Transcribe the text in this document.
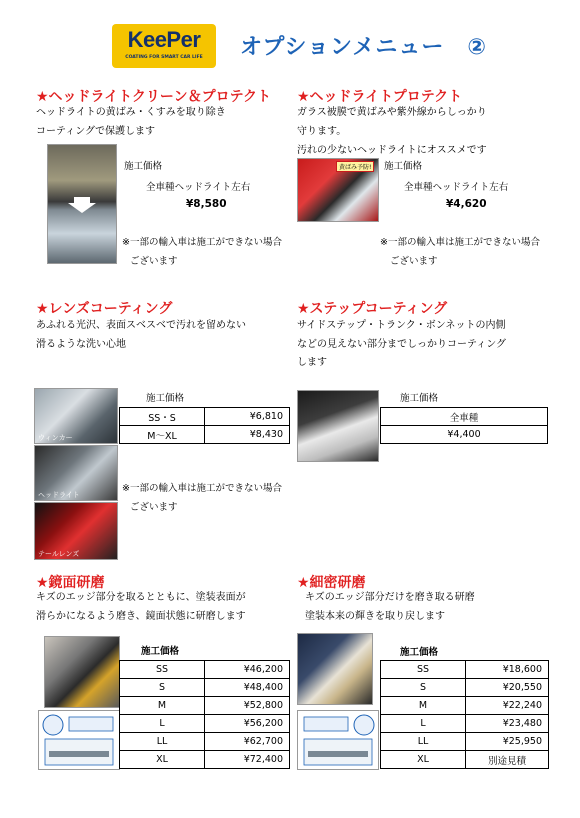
KeePer
COATING FOR SMART CAR LIFE	オプションメニュー　②
★ヘッドライトクリーン＆プロテクト
ヘッドライトの黄ばみ・くすみを取り除き
コーティングで保護します
施工価格
全車種ヘッドライト左右
¥8,580
※一部の輸入車は施工ができない場合
ございます
★ヘッドライトプロテクト
ガラス被膜で黄ばみや紫外線からしっかり
守ります。
汚れの少ないヘッドライトにオススメです
黄ばみ予防!	施工価格
全車種ヘッドライト左右
¥4,620
※一部の輸入車は施工ができない場合
ございます
★レンズコーティング
あふれる光沢、表面スベスベで汚れを留めない
滑るような洗い心地
ウィンカー
ヘッドライト
テールレンズ
施工価格
SS・S	¥6,810
M～XL	¥8,430
※一部の輸入車は施工ができない場合
ございます
★ステップコーティング
サイドステップ・トランク・ボンネットの内側
などの見えない部分までしっかりコーティング
します
施工価格
全車種
¥4,400
★鏡面研磨
キズのエッジ部分を取るとともに、塗装表面が
滑らかになるよう磨き、鏡面状態に研磨します
施工価格
SS	¥46,200
S	¥48,400
M	¥52,800
L	¥56,200
LL	¥62,700
XL	¥72,400
★細密研磨
キズのエッジ部分だけを磨き取る研磨
塗装本来の輝きを取り戻します
施工価格
SS	¥18,600
S	¥20,550
M	¥22,240
L	¥23,480
LL	¥25,950
XL	別途見積
